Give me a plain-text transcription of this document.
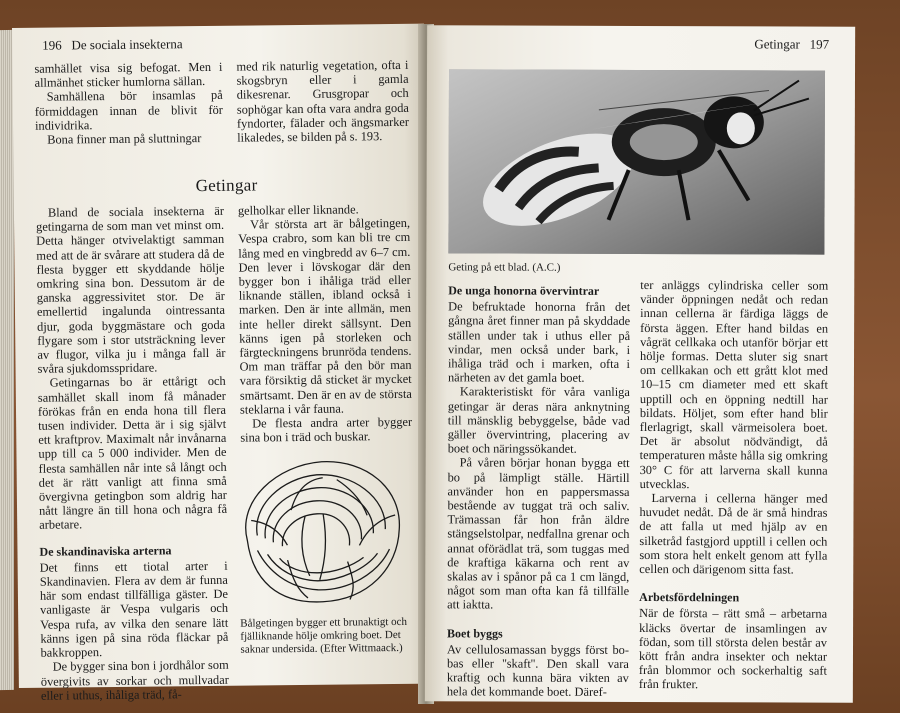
196 De sociala insekterna

samhället visa sig befogat. Men i allmänhet sticker humlorna sällan.

Samhällena bör insamlas på förmiddagen innan de blivit för individrika.

Bona finner man på sluttningar

med rik naturlig vegetation, ofta i skogsbryn eller i gamla dikesrenar. Grusgropar och sophögar kan ofta vara andra goda fyndorter, fälader och ängsmarker likaledes, se bilden på s. 193.

Getingar

Bland de sociala insekterna är getingarna de som man vet minst om. Detta hänger otvivelaktigt samman med att de är svårare att studera då de flesta bygger ett skyddande hölje omkring sina bon. Dessutom är de ganska aggressivitet stor. De är emellertid ingalunda ointressanta djur, goda byggmästare och goda flygare som i stor utsträckning lever av flugor, vilka ju i många fall är svåra sjukdomsspridare.

Getingarnas bo är ettårigt och samhället skall inom få månader förökas från en enda hona till flera tusen individer. Detta är i sig självt ett kraftprov. Maximalt når invånarna upp till ca 5 000 individer. Men de flesta samhällen når inte så långt och det är rätt vanligt att finna små övergivna getingbon som aldrig har nått längre än till hona och några få arbetare.

De skandinaviska arterna

Det finns ett tiotal arter i Skandinavien. Flera av dem är funna här som endast tillfälliga gäster. De vanligaste är Vespa vulgaris och Vespa rufa, av vilka den senare lätt känns igen på sina röda fläckar på bakkroppen.

De bygger sina bon i jordhålor som övergivits av sorkar och mullvadar eller i uthus, ihåliga träd, få-

gelholkar eller liknande.

Vår största art är bålgetingen, Vespa crabro, som kan bli tre cm lång med en vingbredd av 6–7 cm. Den lever i lövskogar där den bygger bon i ihåliga träd eller liknande ställen, ibland också i marken. Den är inte allmän, men inte heller direkt sällsynt. Den känns igen på storleken och färgteckningens brunröda tendens. Om man träffar på den bör man vara försiktig då sticket är mycket smärtsamt. Den är en av de största steklarna i vår fauna.

De flesta andra arter bygger sina bon i träd och buskar.

Bålgetingen bygger ett brunaktigt och fjälliknande hölje omkring boet. Det saknar undersida. (Efter Wittmaack.)
Getingar 197
Geting på ett blad. (A.C.)
De unga honorna övervintrar

De befruktade honorna från det gångna året finner man på skyddade ställen under tak i uthus eller på vindar, men också under bark, i ihåliga träd och i marken, ofta i närheten av det gamla boet.

Karakteristiskt för våra vanliga getingar är deras nära anknytning till mänsklig bebyggelse, både vad gäller övervintring, placering av boet och näringssökandet.

På våren börjar honan bygga ett bo på lämpligt ställe. Härtill använder hon en pappersmassa bestående av tuggat trä och saliv. Trämassan får hon från äldre stängselstolpar, nedfallna grenar och annat oförädlat trä, som tuggas med de kraftiga käkarna och rent av skalas av i spånor på ca 1 cm längd, något som man ofta kan få tillfälle att iaktta.

Boet byggs

Av cellulosamassan byggs först bo-bas eller ''skaft''. Den skall vara kraftig och kunna bära vikten av hela det kommande boet. Däref-

ter anläggs cylindriska celler som vänder öppningen nedåt och redan innan cellerna är färdiga läggs de första äggen. Efter hand bildas en vågrät cellkaka och utanför börjar ett hölje formas. Detta sluter sig snart om cellkakan och ett grått klot med 10–15 cm diameter med ett skaft upptill och en öppning nedtill har bildats. Höljet, som efter hand blir flerlagrigt, skall värmeisolera boet. Det är absolut nödvändigt, då temperaturen måste hålla sig omkring 30° C för att larverna skall kunna utvecklas.

Larverna i cellerna hänger med huvudet nedåt. Då de är små hindras de att falla ut med hjälp av en silketråd fastgjord upptill i cellen och som stora helt enkelt genom att fylla cellen och därigenom sitta fast.

Arbetsfördelningen

När de första – rätt små – arbetarna kläcks övertar de insamlingen av födan, som till största delen består av kött från andra insekter och nektar från blommor och sockerhaltig saft från frukter.
